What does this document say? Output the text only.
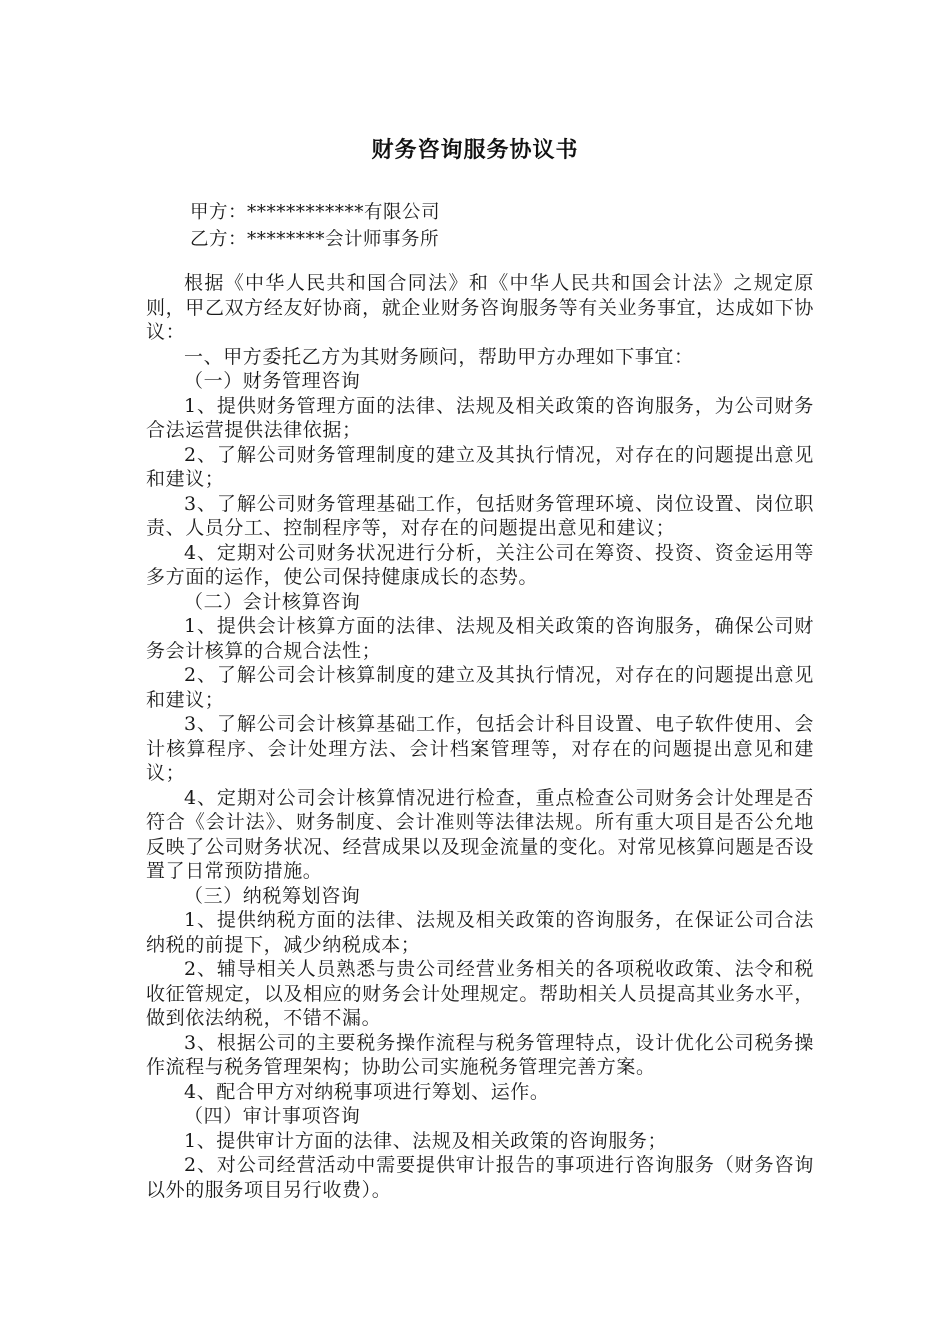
财务咨询服务协议书
甲方：************有限公司
乙方：********会计师事务所

根据《中华人民共和国合同法》和《中华人民共和国会计法》之规定原则，甲乙双方经友好协商，就企业财务咨询服务等有关业务事宜，达成如下协议：

一、甲方委托乙方为其财务顾问，帮助甲方办理如下事宜：

（一）财务管理咨询

1、提供财务管理方面的法律、法规及相关政策的咨询服务，为公司财务合法运营提供法律依据；

2、了解公司财务管理制度的建立及其执行情况，对存在的问题提出意见和建议；

3、了解公司财务管理基础工作，包括财务管理环境、岗位设置、岗位职责、人员分工、控制程序等，对存在的问题提出意见和建议；

4、定期对公司财务状况进行分析，关注公司在筹资、投资、资金运用等多方面的运作，使公司保持健康成长的态势。

（二）会计核算咨询

1、提供会计核算方面的法律、法规及相关政策的咨询服务，确保公司财务会计核算的合规合法性；

2、了解公司会计核算制度的建立及其执行情况，对存在的问题提出意见和建议；

3、了解公司会计核算基础工作，包括会计科目设置、电子软件使用、会计核算程序、会计处理方法、会计档案管理等，对存在的问题提出意见和建议；

4、定期对公司会计核算情况进行检查，重点检查公司财务会计处理是否符合《会计法》、财务制度、会计准则等法律法规。所有重大项目是否公允地反映了公司财务状况、经营成果以及现金流量的变化。对常见核算问题是否设置了日常预防措施。

（三）纳税筹划咨询

1、提供纳税方面的法律、法规及相关政策的咨询服务，在保证公司合法纳税的前提下，减少纳税成本；

2、辅导相关人员熟悉与贵公司经营业务相关的各项税收政策、法令和税收征管规定，以及相应的财务会计处理规定。帮助相关人员提高其业务水平，做到依法纳税，不错不漏。

3、根据公司的主要税务操作流程与税务管理特点，设计优化公司税务操作流程与税务管理架构；协助公司实施税务管理完善方案。

4、配合甲方对纳税事项进行筹划、运作。

（四）审计事项咨询

1、提供审计方面的法律、法规及相关政策的咨询服务；

2、对公司经营活动中需要提供审计报告的事项进行咨询服务（财务咨询以外的服务项目另行收费）。
